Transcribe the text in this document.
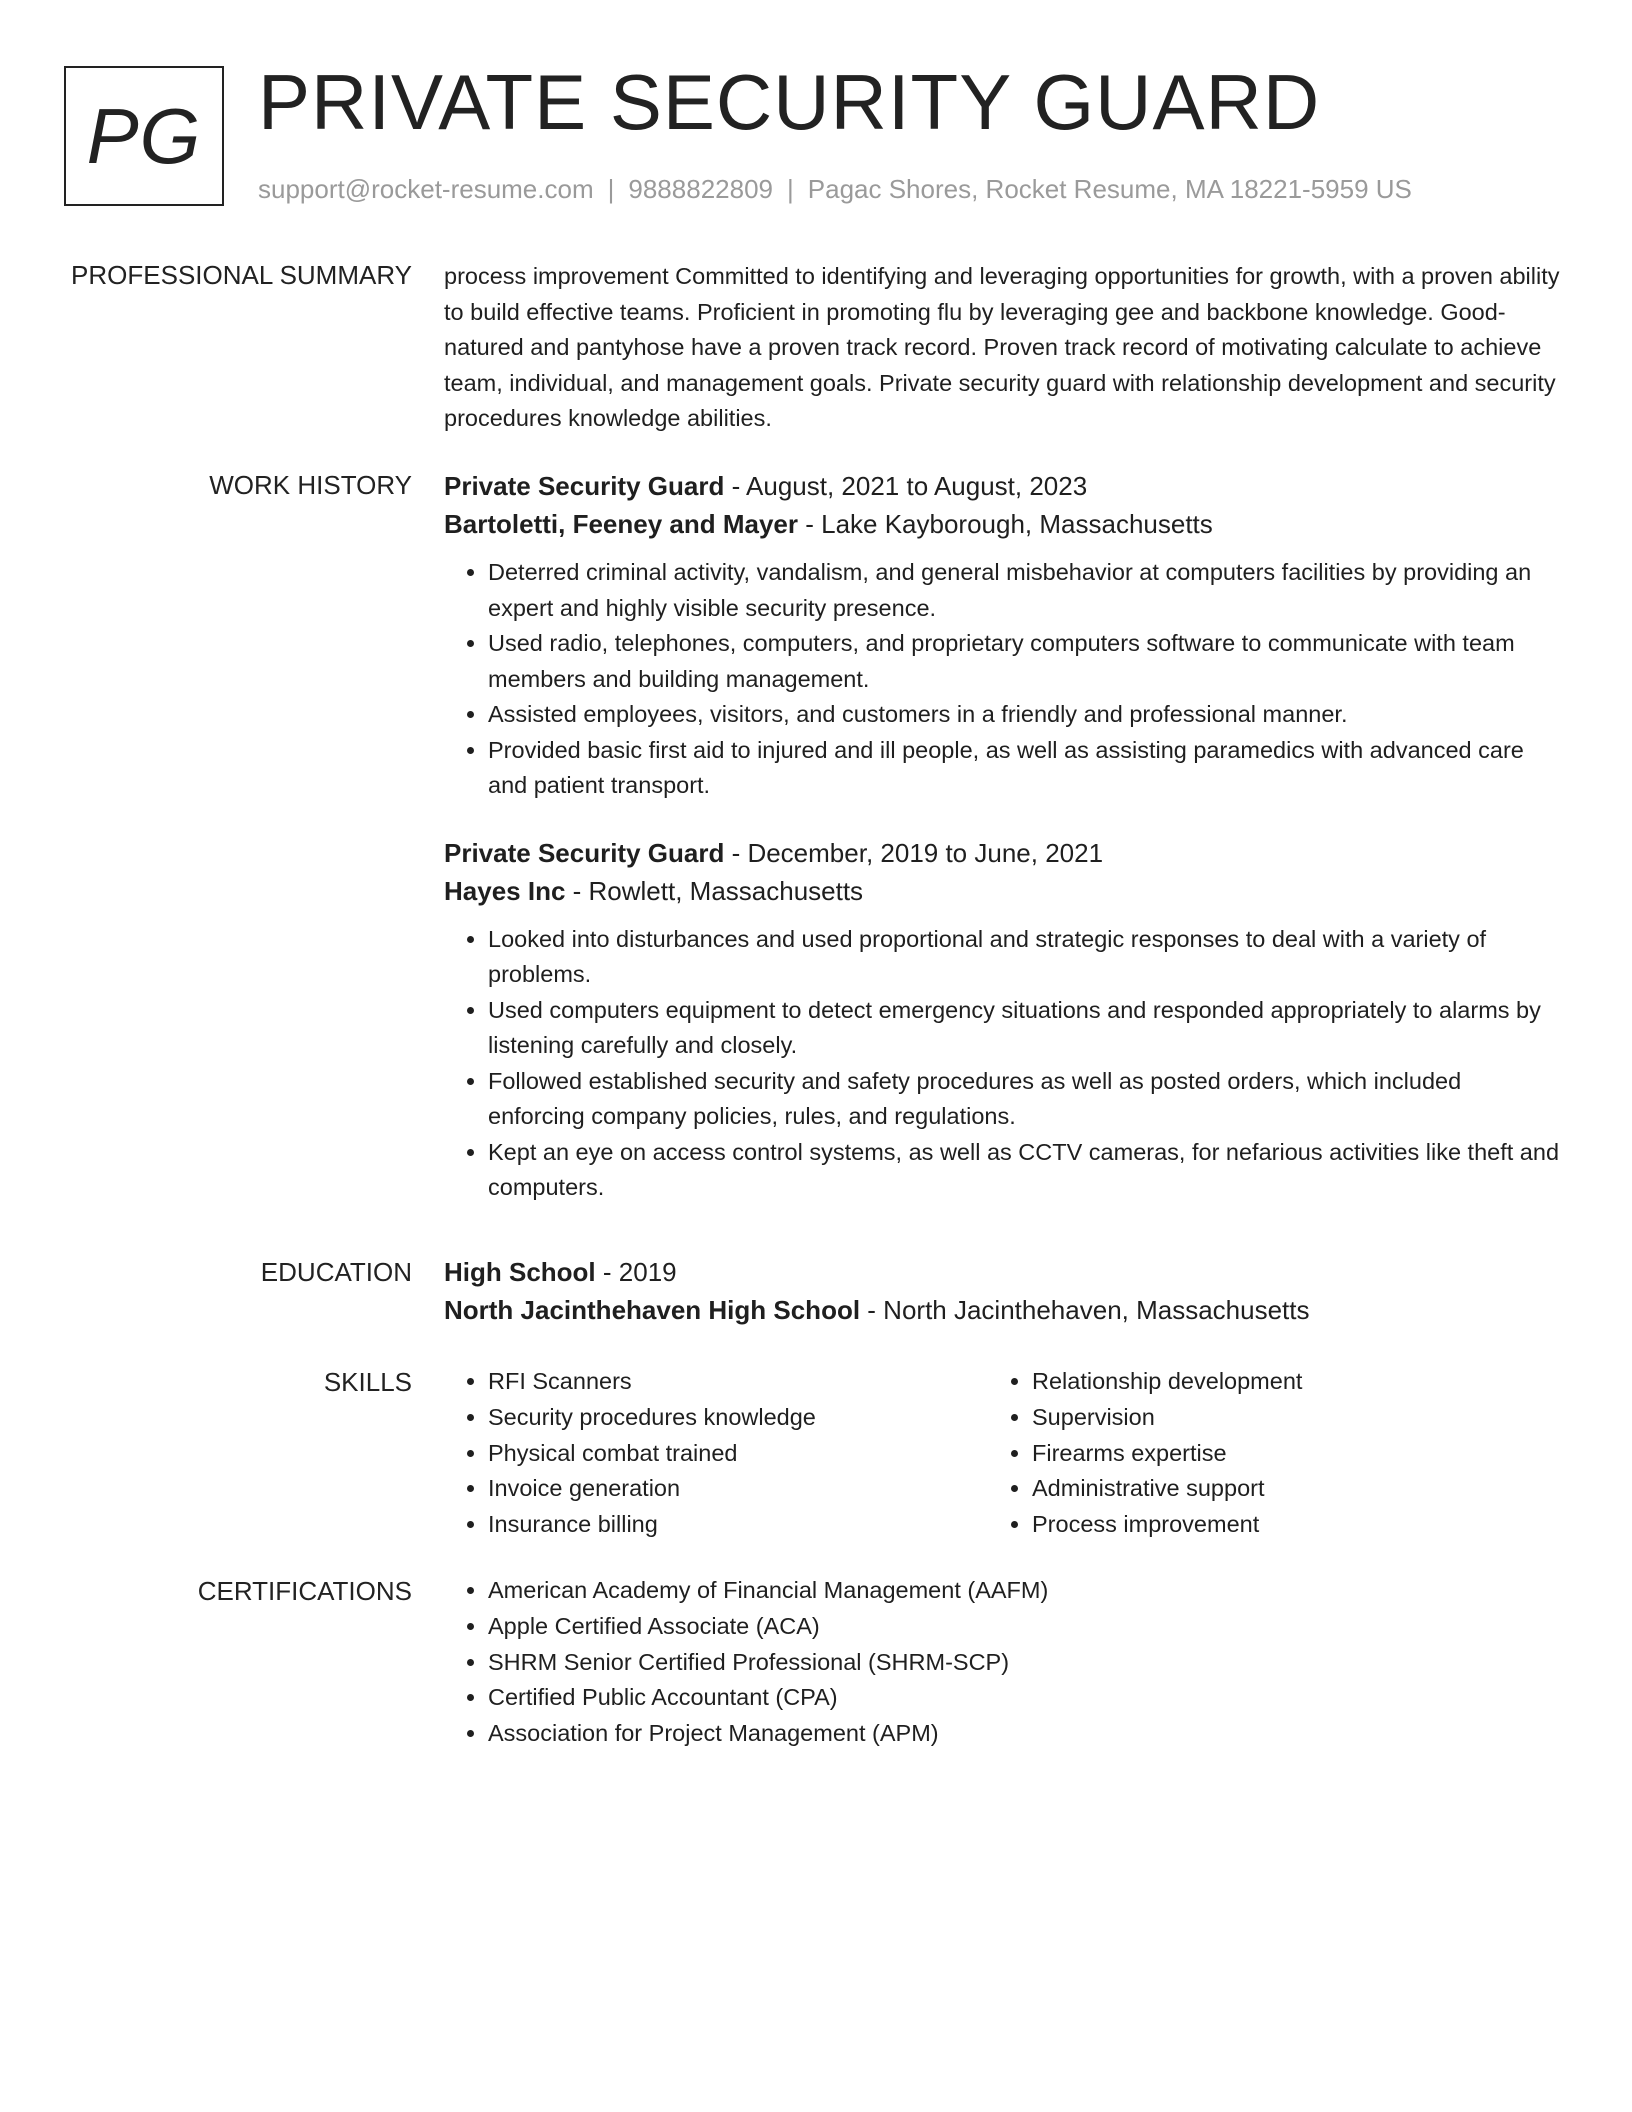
PG PRIVATE SECURITY GUARD
support@rocket-resume.com | 9888822809 | Pagac Shores, Rocket Resume, MA 18221-5959 US
PROFESSIONAL SUMMARY process improvement Committed to identifying and leveraging opportunities for growth, with a proven ability to build effective teams. Proficient in promoting flu by leveraging gee and backbone knowledge. Good-natured and pantyhose have a proven track record. Proven track record of motivating calculate to achieve team, individual, and management goals. Private security guard with relationship development and security procedures knowledge abilities.

WORK HISTORY Private Security Guard - August, 2021 to August, 2023

Bartoletti, Feeney and Mayer - Lake Kayborough, Massachusetts

• Deterred criminal activity, vandalism, and general misbehavior at computers facilities by providing an expert and highly visible security presence.
• Used radio, telephones, computers, and proprietary computers software to communicate with team members and building management.
• Assisted employees, visitors, and customers in a friendly and professional manner.
• Provided basic first aid to injured and ill people, as well as assisting paramedics with advanced care and patient transport.

Private Security Guard - December, 2019 to June, 2021

Hayes Inc - Rowlett, Massachusetts

• Looked into disturbances and used proportional and strategic responses to deal with a variety of problems.
• Used computers equipment to detect emergency situations and responded appropriately to alarms by listening carefully and closely.
• Followed established security and safety procedures as well as posted orders, which included enforcing company policies, rules, and regulations.
• Kept an eye on access control systems, as well as CCTV cameras, for nefarious activities like theft and computers.
EDUCATION High School - 2019

North Jacinthehaven High School - North Jacinthehaven, Massachusetts

SKILLS	• RFI Scanners
• Security procedures knowledge
• Physical combat trained
• Invoice generation
• Insurance billing
• Relationship development
• Supervision
• Firearms expertise
• Administrative support
• Process improvement
CERTIFICATIONS	• American Academy of Financial Management (AAFM)
• Apple Certified Associate (ACA)
• SHRM Senior Certified Professional (SHRM-SCP)
• Certified Public Accountant (CPA)
• Association for Project Management (APM)
